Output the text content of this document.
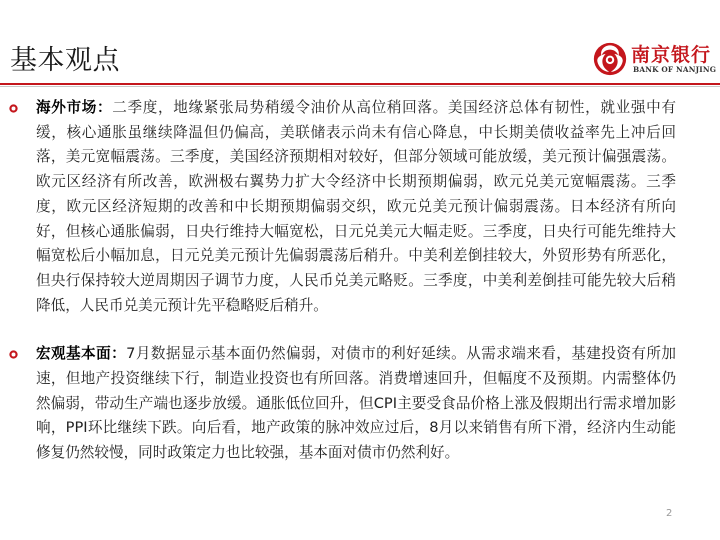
基本观点	南京银行
BANK OF NANJING

海外市场：二季度，地缘紧张局势稍缓令油价从高位稍回落。美国经济总体有韧性，就业强中有缓，核心通胀虽继续降温但仍偏高，美联储表示尚未有信心降息，中长期美债收益率先上冲后回落，美元宽幅震荡。三季度，美国经济预期相对较好，但部分领域可能放缓，美元预计偏强震荡。欧元区经济有所改善，欧洲极右翼势力扩大令经济中长期预期偏弱，欧元兑美元宽幅震荡。三季度，欧元区经济短期的改善和中长期预期偏弱交织，欧元兑美元预计偏弱震荡。日本经济有所向好，但核心通胀偏弱，日央行维持大幅宽松，日元兑美元大幅走贬。三季度，日央行可能先维持大幅宽松后小幅加息，日元兑美元预计先偏弱震荡后稍升。中美利差倒挂较大，外贸形势有所恶化，但央行保持较大逆周期因子调节力度，人民币兑美元略贬。三季度，中美利差倒挂可能先较大后稍降低，人民币兑美元预计先平稳略贬后稍升。

宏观基本面：7月数据显示基本面仍然偏弱，对债市的利好延续。从需求端来看，基建投资有所加速，但地产投资继续下行，制造业投资也有所回落。消费增速回升，但幅度不及预期。内需整体仍然偏弱，带动生产端也逐步放缓。通胀低位回升，但CPI主要受食品价格上涨及假期出行需求增加影响，PPI环比继续下跌。向后看，地产政策的脉冲效应过后，8月以来销售有所下滑，经济内生动能修复仍然较慢，同时政策定力也比较强，基本面对债市仍然利好。

2
